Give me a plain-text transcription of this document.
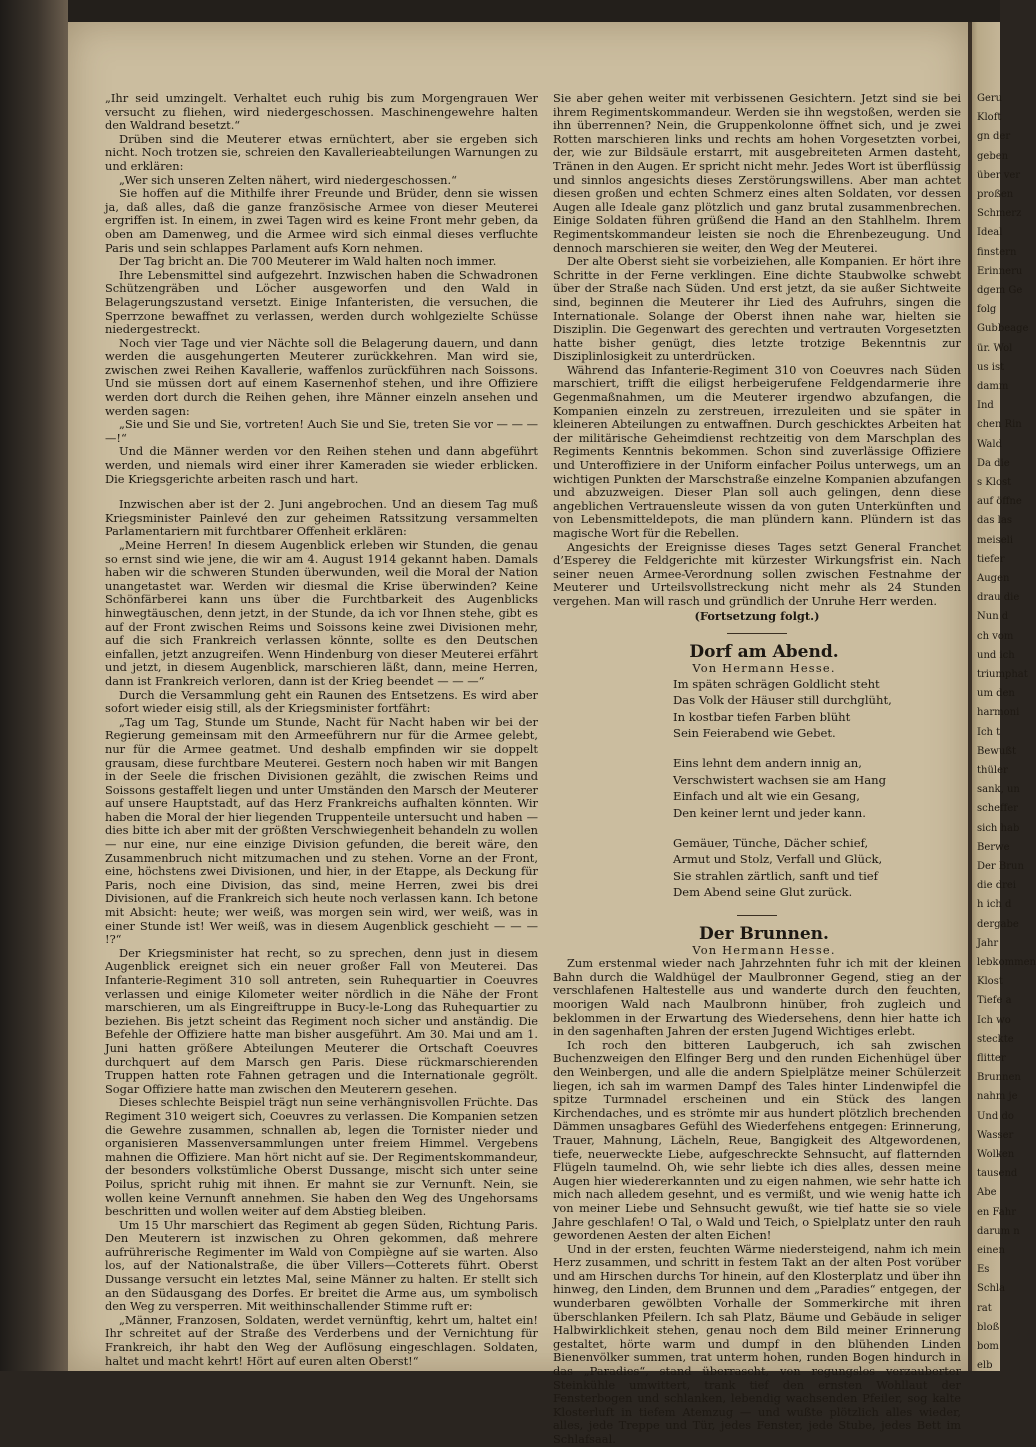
„Ihr seid umzingelt. Verhaltet euch ruhig bis zum Morgengrauen Wer versucht zu fliehen, wird niedergeschossen. Maschinengewehre halten den Waldrand besetzt.“

Drüben sind die Meuterer etwas ernüchtert, aber sie ergeben sich nicht. Noch trotzen sie, schreien den Kavallerieabteilungen Warnungen zu und erklären:

„Wer sich unseren Zelten nähert, wird niedergeschossen.“

Sie hoffen auf die Mithilfe ihrer Freunde und Brüder, denn sie wissen ja, daß alles, daß die ganze französische Armee von dieser Meuterei ergriffen ist. In einem, in zwei Tagen wird es keine Front mehr geben, da oben am Damenweg, und die Armee wird sich einmal dieses verfluchte Paris und sein schlappes Parlament aufs Korn nehmen.

Der Tag bricht an. Die 700 Meuterer im Wald halten noch immer.

Ihre Lebensmittel sind aufgezehrt. Inzwischen haben die Schwadronen Schützengräben und Löcher ausgeworfen und den Wald in Belagerungszustand versetzt. Einige Infanteristen, die versuchen, die Sperrzone bewaffnet zu verlassen, werden durch wohlgezielte Schüsse niedergestreckt.

Noch vier Tage und vier Nächte soll die Belagerung dauern, und dann werden die ausgehungerten Meuterer zurückkehren. Man wird sie, zwischen zwei Reihen Kavallerie, waffenlos zurückführen nach Soissons. Und sie müssen dort auf einem Kasernenhof stehen, und ihre Offiziere werden dort durch die Reihen gehen, ihre Männer einzeln ansehen und werden sagen:

„Sie und Sie und Sie, vortreten! Auch Sie und Sie, treten Sie vor — — — —!“

Und die Männer werden vor den Reihen stehen und dann abgeführt werden, und niemals wird einer ihrer Kameraden sie wieder erblicken. Die Kriegsgerichte arbeiten rasch und hart.

Inzwischen aber ist der 2. Juni angebrochen. Und an diesem Tag muß Kriegsminister Painlevé den zur geheimen Ratssitzung versammelten Parlamentariern mit furchtbarer Offenheit erklären:

„Meine Herren! In diesem Augenblick erleben wir Stunden, die genau so ernst sind wie jene, die wir am 4. August 1914 gekannt haben. Damals haben wir die schweren Stunden überwunden, weil die Moral der Nation unangetastet war. Werden wir diesmal die Krise überwinden? Keine Schönfärberei kann uns über die Furchtbarkeit des Augenblicks hinwegtäuschen, denn jetzt, in der Stunde, da ich vor Ihnen stehe, gibt es auf der Front zwischen Reims und Soissons keine zwei Divisionen mehr, auf die sich Frankreich verlassen könnte, sollte es den Deutschen einfallen, jetzt anzugreifen. Wenn Hindenburg von dieser Meuterei erfährt und jetzt, in diesem Augenblick, marschieren läßt, dann, meine Herren, dann ist Frankreich verloren, dann ist der Krieg beendet — — —“

Durch die Versammlung geht ein Raunen des Entsetzens. Es wird aber sofort wieder eisig still, als der Kriegsminister fortfährt:

„Tag um Tag, Stunde um Stunde, Nacht für Nacht haben wir bei der Regierung gemeinsam mit den Armeeführern nur für die Armee gelebt, nur für die Armee geatmet. Und deshalb empfinden wir sie doppelt grausam, diese furchtbare Meuterei. Gestern noch haben wir mit Bangen in der Seele die frischen Divisionen gezählt, die zwischen Reims und Soissons gestaffelt liegen und unter Umständen den Marsch der Meuterer auf unsere Hauptstadt, auf das Herz Frankreichs aufhalten könnten. Wir haben die Moral der hier liegenden Truppenteile untersucht und haben — dies bitte ich aber mit der größten Verschwiegenheit behandeln zu wollen — nur eine, nur eine einzige Division gefunden, die bereit wäre, den Zusammenbruch nicht mitzumachen und zu stehen. Vorne an der Front, eine, höchstens zwei Divisionen, und hier, in der Etappe, als Deckung für Paris, noch eine Division, das sind, meine Herren, zwei bis drei Divisionen, auf die Frankreich sich heute noch verlassen kann. Ich betone mit Absicht: heute; wer weiß, was morgen sein wird, wer weiß, was in einer Stunde ist! Wer weiß, was in diesem Augenblick geschieht — — — !?“

Der Kriegsminister hat recht, so zu sprechen, denn just in diesem Augenblick ereignet sich ein neuer großer Fall von Meuterei. Das Infanterie-Regiment 310 soll antreten, sein Ruhequartier in Coeuvres verlassen und einige Kilometer weiter nördlich in die Nähe der Front marschieren, um als Eingreiftruppe in Bucy-le-Long das Ruhequartier zu beziehen. Bis jetzt scheint das Regiment noch sicher und anständig. Die Befehle der Offiziere hatte man bisher ausgeführt. Am 30. Mai und am 1. Juni hatten größere Abteilungen Meuterer die Ortschaft Coeuvres durchquert auf dem Marsch gen Paris. Diese rückmarschierenden Truppen hatten rote Fahnen getragen und die Internationale gegrölt. Sogar Offiziere hatte man zwischen den Meuterern gesehen.

Dieses schlechte Beispiel trägt nun seine verhängnisvollen Früchte. Das Regiment 310 weigert sich, Coeuvres zu verlassen. Die Kompanien setzen die Gewehre zusammen, schnallen ab, legen die Tornister nieder und organisieren Massenversammlungen unter freiem Himmel. Vergebens mahnen die Offiziere. Man hört nicht auf sie. Der Regimentskommandeur, der besonders volkstümliche Oberst Dussange, mischt sich unter seine Poilus, spricht ruhig mit ihnen. Er mahnt sie zur Vernunft. Nein, sie wollen keine Vernunft annehmen. Sie haben den Weg des Ungehorsams beschritten und wollen weiter auf dem Abstieg bleiben.

Um 15 Uhr marschiert das Regiment ab gegen Süden, Richtung Paris. Den Meuterern ist inzwischen zu Ohren gekommen, daß mehrere aufrührerische Regimenter im Wald von Compiègne auf sie warten. Also los, auf der Nationalstraße, die über Villers—Cotterets führt. Oberst Dussange versucht ein letztes Mal, seine Männer zu halten. Er stellt sich an den Südausgang des Dorfes. Er breitet die Arme aus, um symbolisch den Weg zu versperren. Mit weithinschallender Stimme ruft er:

„Männer, Franzosen, Soldaten, werdet vernünftig, kehrt um, haltet ein! Ihr schreitet auf der Straße des Verderbens und der Vernichtung für Frankreich, ihr habt den Weg der Auflösung eingeschlagen. Soldaten, haltet und macht kehrt! Hört auf euren alten Oberst!“

Sie aber gehen weiter mit verbissenen Gesichtern. Jetzt sind sie bei ihrem Regimentskommandeur. Werden sie ihn wegstoßen, werden sie ihn überrennen? Nein, die Gruppenkolonne öffnet sich, und je zwei Rotten marschieren links und rechts am hohen Vorgesetzten vorbei, der, wie zur Bildsäule erstarrt, mit ausgebreiteten Armen dasteht, Tränen in den Augen. Er spricht nicht mehr. Jedes Wort ist überflüssig und sinnlos angesichts dieses Zerstörungswillens. Aber man achtet diesen großen und echten Schmerz eines alten Soldaten, vor dessen Augen alle Ideale ganz plötzlich und ganz brutal zusammenbrechen. Einige Soldaten führen grüßend die Hand an den Stahlhelm. Ihrem Regimentskommandeur leisten sie noch die Ehrenbezeugung. Und dennoch marschieren sie weiter, den Weg der Meuterei.

Der alte Oberst sieht sie vorbeiziehen, alle Kompanien. Er hört ihre Schritte in der Ferne verklingen. Eine dichte Staubwolke schwebt über der Straße nach Süden. Und erst jetzt, da sie außer Sichtweite sind, beginnen die Meuterer ihr Lied des Aufruhrs, singen die Internationale. Solange der Oberst ihnen nahe war, hielten sie Disziplin. Die Gegenwart des gerechten und vertrauten Vorgesetzten hatte bisher genügt, dies letzte trotzige Bekenntnis zur Disziplinlosigkeit zu unterdrücken.

Während das Infanterie-Regiment 310 von Coeuvres nach Süden marschiert, trifft die eiligst herbeigerufene Feldgendarmerie ihre Gegenmaßnahmen, um die Meuterer irgendwo abzufangen, die Kompanien einzeln zu zerstreuen, irrezuleiten und sie später in kleineren Abteilungen zu entwaffnen. Durch geschicktes Arbeiten hat der militärische Geheimdienst rechtzeitig von dem Marschplan des Regiments Kenntnis bekommen. Schon sind zuverlässige Offiziere und Unteroffiziere in der Uniform einfacher Poilus unterwegs, um an wichtigen Punkten der Marschstraße einzelne Kompanien abzufangen und abzuzweigen. Dieser Plan soll auch gelingen, denn diese angeblichen Vertrauensleute wissen da von guten Unterkünften und von Lebensmitteldepots, die man plündern kann. Plündern ist das magische Wort für die Rebellen.

Angesichts der Ereignisse dieses Tages setzt General Franchet d’Esperey die Feldgerichte mit kürzester Wirkungsfrist ein. Nach seiner neuen Armee-Verordnung sollen zwischen Festnahme der Meuterer und Urteilsvollstreckung nicht mehr als 24 Stunden vergehen. Man will rasch und gründlich der Unruhe Herr werden.

(Fortsetzung folgt.)

Dorf am Abend.

Von Hermann Hesse.

Im späten schrägen Goldlicht steht
Das Volk der Häuser still durchglüht,
In kostbar tiefen Farben blüht
Sein Feierabend wie Gebet.
Eins lehnt dem andern innig an,
Verschwistert wachsen sie am Hang
Einfach und alt wie ein Gesang,
Den keiner lernt und jeder kann.
Gemäuer, Tünche, Dächer schief,
Armut und Stolz, Verfall und Glück,
Sie strahlen zärtlich, sanft und tief
Dem Abend seine Glut zurück.

Der Brunnen.

Von Hermann Hesse.

Zum erstenmal wieder nach Jahrzehnten fuhr ich mit der kleinen Bahn durch die Waldhügel der Maulbronner Gegend, stieg an der verschlafenen Haltestelle aus und wanderte durch den feuchten, moorigen Wald nach Maulbronn hinüber, froh zugleich und beklommen in der Erwartung des Wiedersehens, denn hier hatte ich in den sagenhaften Jahren der ersten Jugend Wichtiges erlebt.

Ich roch den bitteren Laubgeruch, ich sah zwischen Buchenzweigen den Elfinger Berg und den runden Eichenhügel über den Weinbergen, und alle die andern Spielplätze meiner Schülerzeit liegen, ich sah im warmen Dampf des Tales hinter Lindenwipfel die spitze Turmnadel erscheinen und ein Stück des langen Kirchendaches, und es strömte mir aus hundert plötzlich brechenden Dämmen unsagbares Gefühl des Wiederfehens entgegen: Erinnerung, Trauer, Mahnung, Lächeln, Reue, Bangigkeit des Altgewordenen, tiefe, neuerweckte Liebe, aufgeschreckte Sehnsucht, auf flatternden Flügeln taumelnd. Oh, wie sehr liebte ich dies alles, dessen meine Augen hier wiedererkannten und zu eigen nahmen, wie sehr hatte ich mich nach alledem gesehnt, und es vermißt, und wie wenig hatte ich von meiner Liebe und Sehnsucht gewußt, wie tief hatte sie so viele Jahre geschlafen! O Tal, o Wald und Teich, o Spielplatz unter den rauh gewordenen Aesten der alten Eichen!

Und in der ersten, feuchten Wärme niedersteigend, nahm ich mein Herz zusammen, und schritt in festem Takt an der alten Post vorüber und am Hirschen durchs Tor hinein, auf den Klosterplatz und über ihn hinweg, den Linden, dem Brunnen und dem „Paradies“ entgegen, der wunderbaren gewölbten Vorhalle der Sommerkirche mit ihren überschlanken Pfeilern. Ich sah Platz, Bäume und Gebäude in seliger Halbwirklichkeit stehen, genau noch dem Bild meiner Erinnerung gestaltet, hörte warm und dumpf in den blühenden Linden Bienenvölker summen, trat unterm hohen, runden Bogen hindurch in das „Paradies“, stand überrascht, von regungslos verzauberter Steinkühle umwittert, trank tief den ernsten Wohllaut der Fensterbogen und schlanken, lebendig wachsenden Pfeiler, sog kalte Klosterluft in tiefem Atemzug — und wußte plötzlich alles wieder, alles, jede Treppe und Tür, jedes Fenster, jede Stube, jedes Bett im Schlafsaal.

Geru
Kloft
gn der
geben
über ver
proßen
Schmerz
Ideal
finstern
Erinneru
dgem Ge
folg
Gubbeage
ür. Wol
us ist
damm
Ind
chen Rin
Wald
Da die
s Klost
auf öffne
das las
meiseli
tiefer
Augen
drau die
Nun d
ch vom
und ich
triumphat
um den
harmoni
Ich t
Bewußt
thüler
sank, un
scheffer
sich hab
Berwe
Der Brun
die drei
h ich d
dergabe
Jahr
lebkommen
Klost
Tiefe a
Ich wo
steckte
flitter
Brunnen
nahm je
Und do
Wasser
Wolken
tausend
Abe
en Fahr
darum n
einen
Es
Schla
rat
bloß
bom
elb
